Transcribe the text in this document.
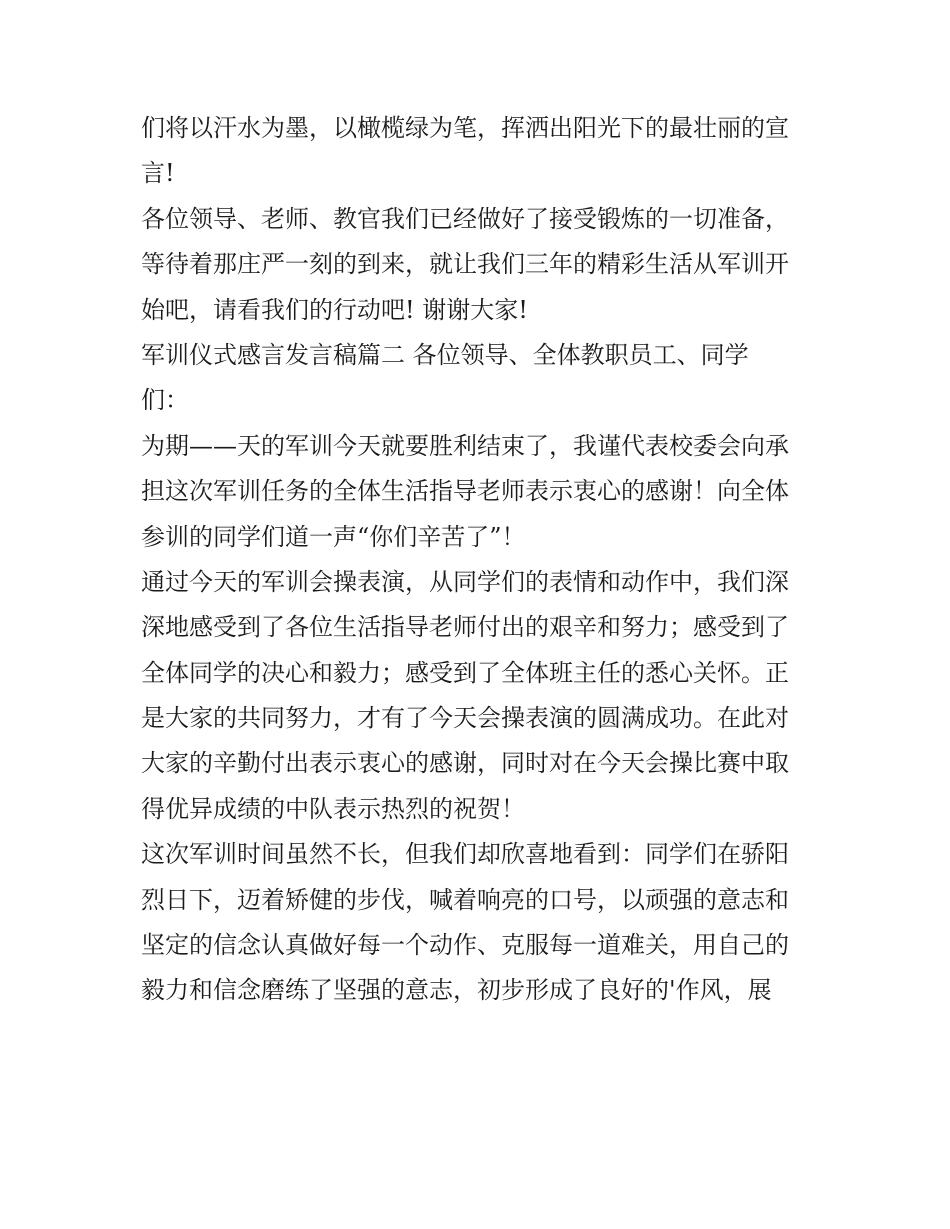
们将以汗水为墨，以橄榄绿为笔，挥洒出阳光下的最壮丽的宣
言!
各位领导、老师、教官我们已经做好了接受锻炼的一切准备，
等待着那庄严一刻的到来，就让我们三年的精彩生活从军训开
始吧，请看我们的行动吧! 谢谢大家!
军训仪式感言发言稿篇二 各位领导、全体教职员工、同学
们：
为期——天的军训今天就要胜利结束了，我谨代表校委会向承
担这次军训任务的全体生活指导老师表示衷心的感谢！向全体
参训的同学们道一声“你们辛苦了”！
通过今天的军训会操表演，从同学们的表情和动作中，我们深
深地感受到了各位生活指导老师付出的艰辛和努力；感受到了
全体同学的决心和毅力；感受到了全体班主任的悉心关怀。正
是大家的共同努力，才有了今天会操表演的圆满成功。在此对
大家的辛勤付出表示衷心的感谢，同时对在今天会操比赛中取
得优异成绩的中队表示热烈的祝贺！
这次军训时间虽然不长，但我们却欣喜地看到：同学们在骄阳
烈日下，迈着矫健的步伐，喊着响亮的口号，以顽强的意志和
坚定的信念认真做好每一个动作、克服每一道难关，用自己的
毅力和信念磨练了坚强的意志，初步形成了良好的'作风，展
